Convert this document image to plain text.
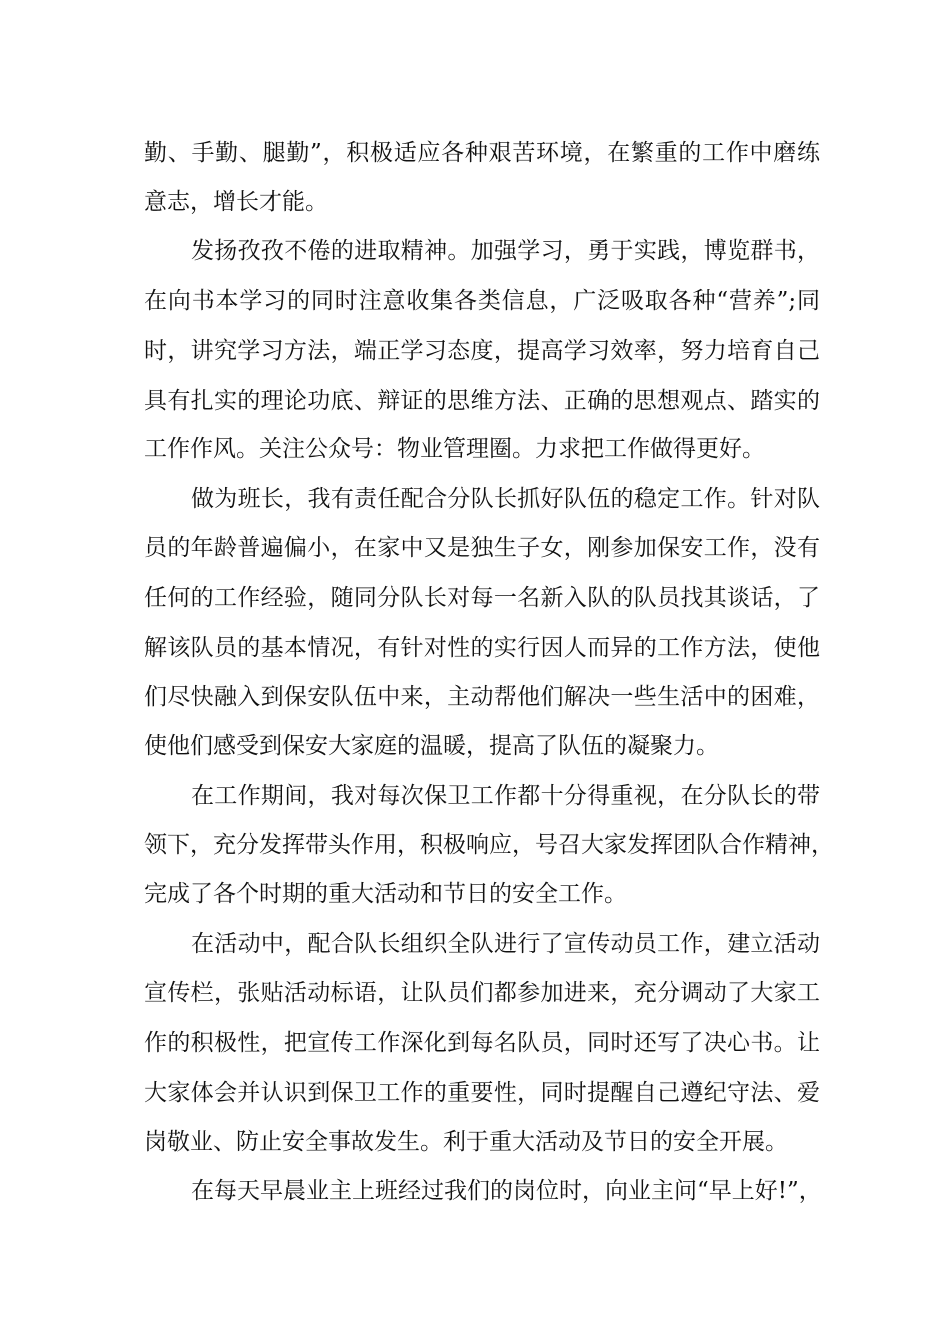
勤、手勤、腿勤”，积极适应各种艰苦环境，在繁重的工作中磨练

意志，增长才能。

发扬孜孜不倦的进取精神。加强学习，勇于实践，博览群书，

在向书本学习的同时注意收集各类信息，广泛吸取各种“营养”;同

时，讲究学习方法，端正学习态度，提高学习效率，努力培育自己

具有扎实的理论功底、辩证的思维方法、正确的思想观点、踏实的

工作作风。关注公众号：物业管理圈。力求把工作做得更好。

做为班长，我有责任配合分队长抓好队伍的稳定工作。针对队

员的年龄普遍偏小，在家中又是独生子女，刚参加保安工作，没有

任何的工作经验，随同分队长对每一名新入队的队员找其谈话，了

解该队员的基本情况，有针对性的实行因人而异的工作方法，使他

们尽快融入到保安队伍中来，主动帮他们解决一些生活中的困难，

使他们感受到保安大家庭的温暖，提高了队伍的凝聚力。

在工作期间，我对每次保卫工作都十分得重视，在分队长的带

领下，充分发挥带头作用，积极响应，号召大家发挥团队合作精神，

完成了各个时期的重大活动和节日的安全工作。

在活动中，配合队长组织全队进行了宣传动员工作，建立活动

宣传栏，张贴活动标语，让队员们都参加进来，充分调动了大家工

作的积极性，把宣传工作深化到每名队员，同时还写了决心书。让

大家体会并认识到保卫工作的重要性，同时提醒自己遵纪守法、爱

岗敬业、防止安全事故发生。利于重大活动及节日的安全开展。

在每天早晨业主上班经过我们的岗位时，向业主问“早上好!”，
